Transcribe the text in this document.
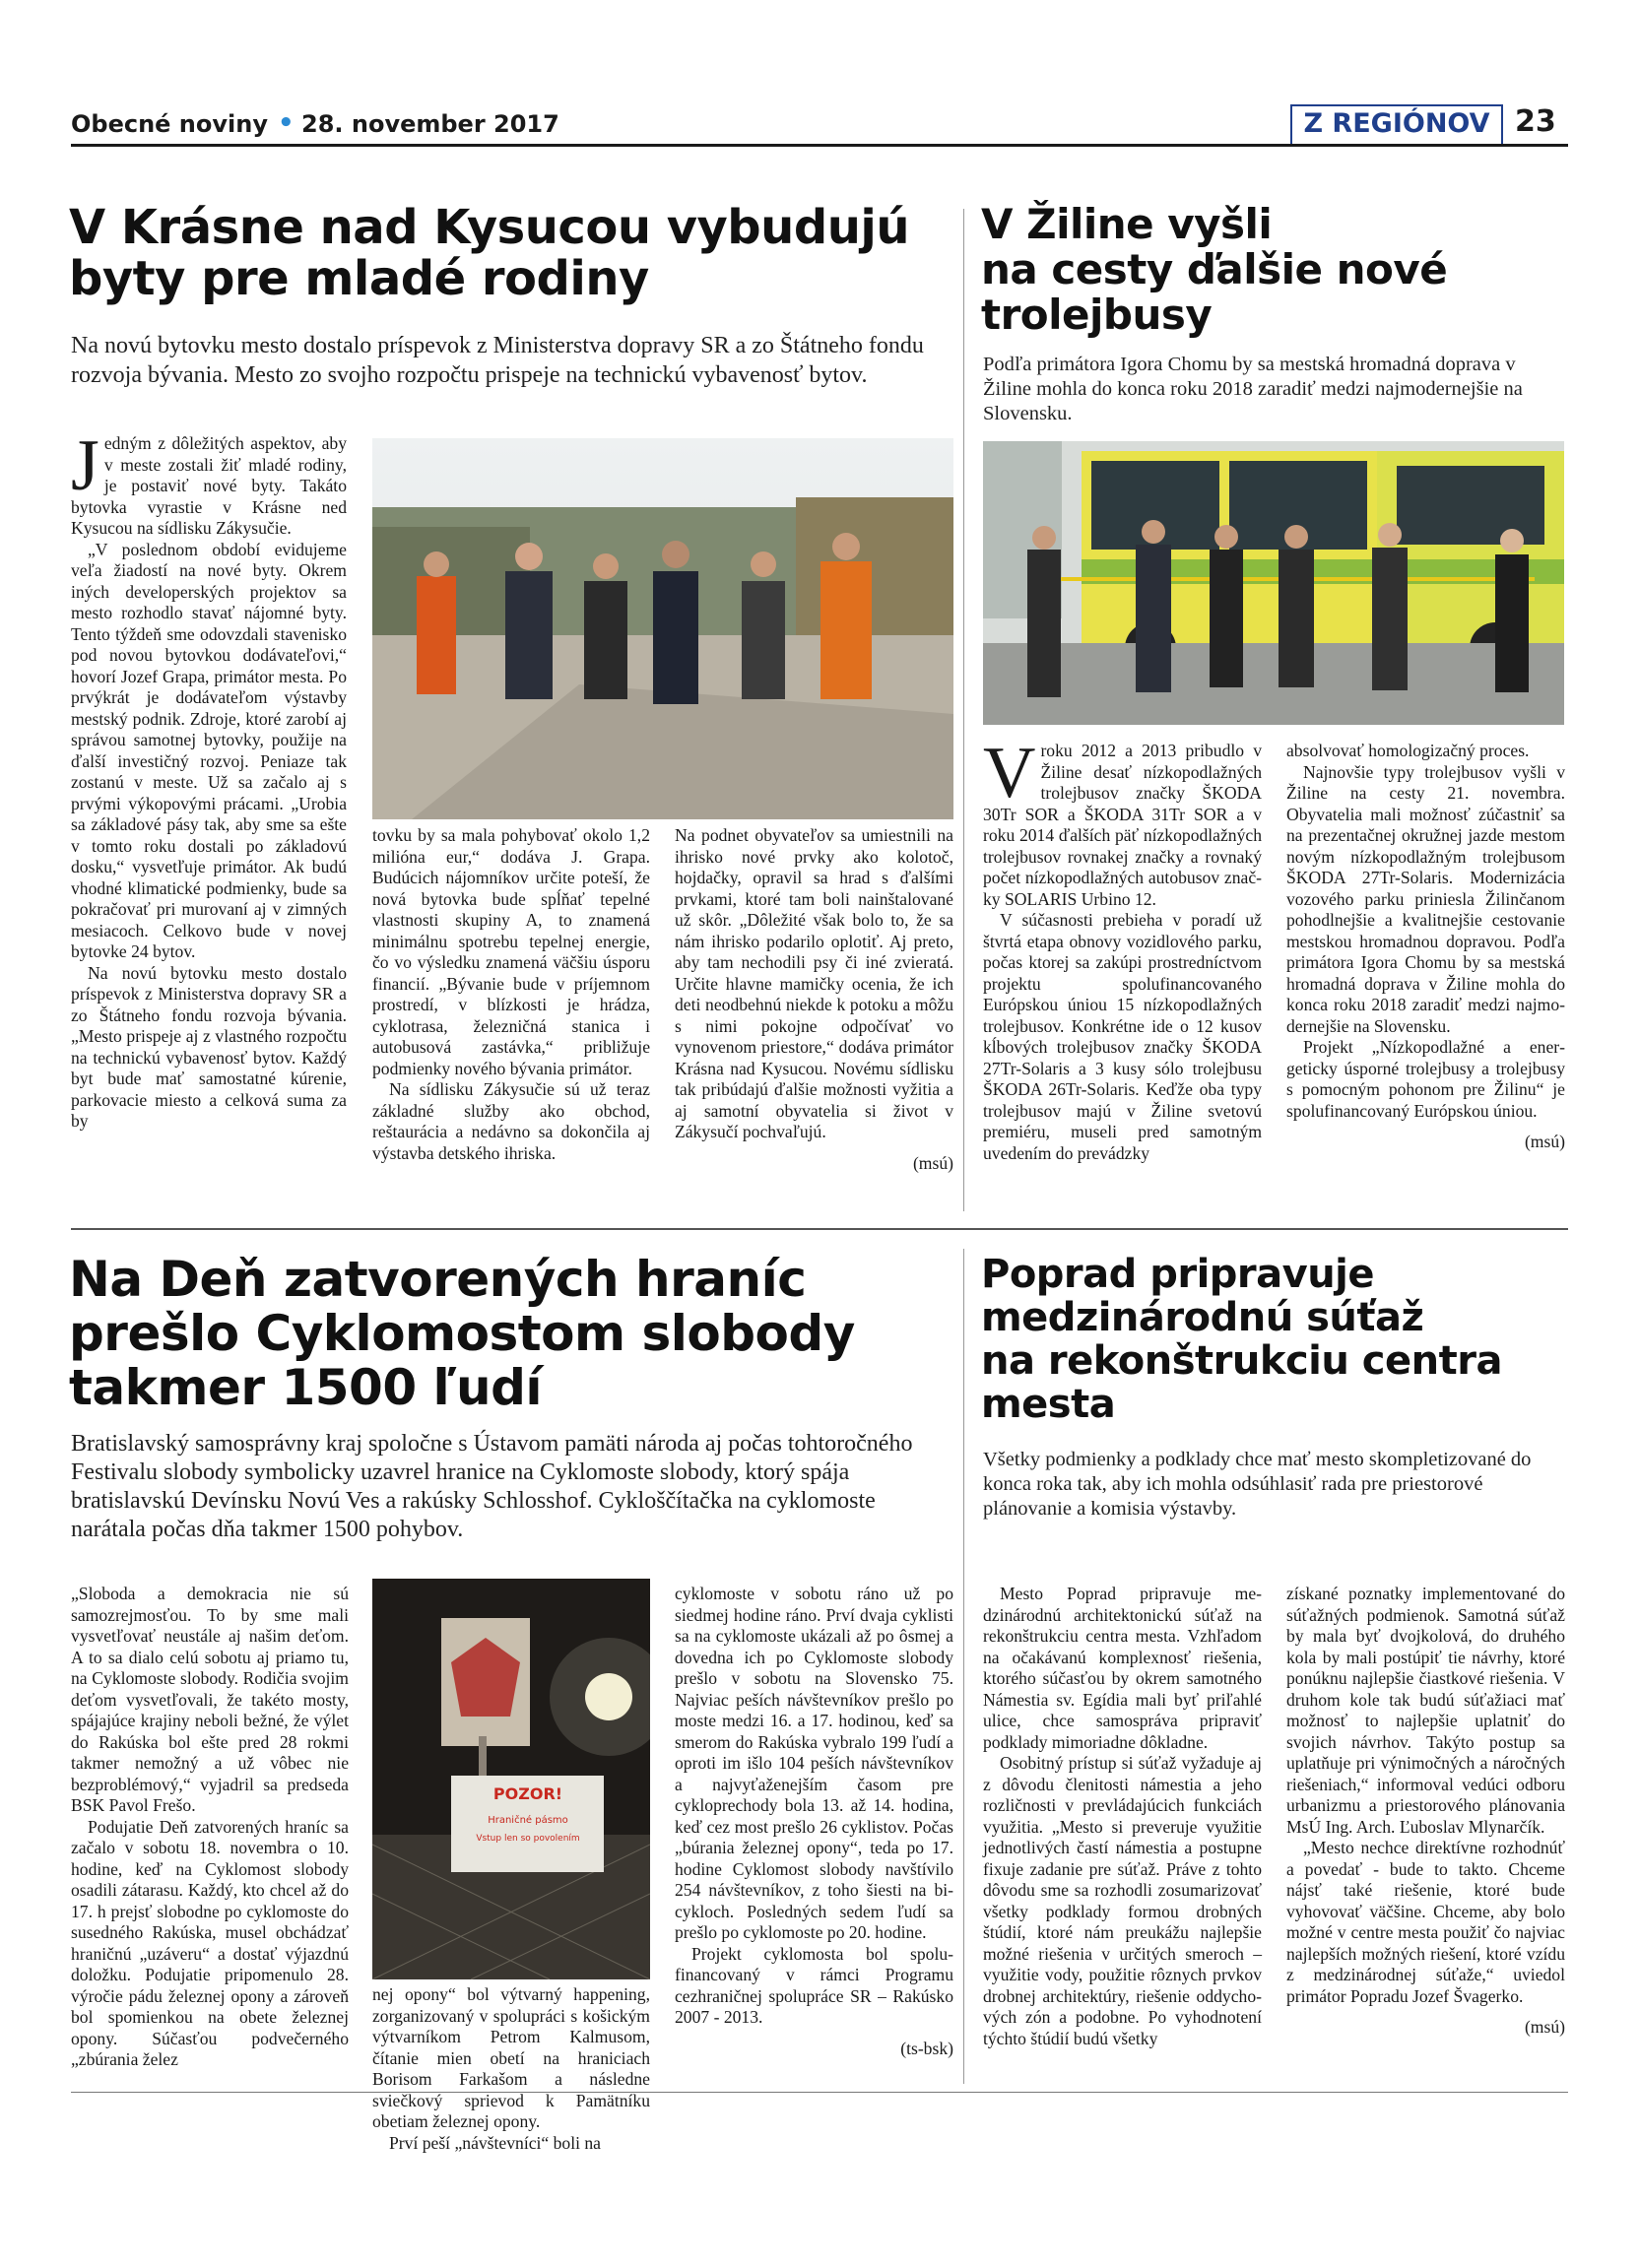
Obecné noviny • 28. november 2017	Z REGIÓNOV 23
V Krásne nad Kysucou vybudujú
byty pre mladé rodiny
Na novú bytovku mesto dostalo príspevok z Ministerstva dopravy SR a zo Štátneho fondu rozvoja bývania. Mesto zo svojho rozpočtu prispeje na technickú vybavenosť bytov.

Jedným z dôležitých aspektov, aby v meste zostali žiť mladé rodiny, je postaviť nové byty. Takáto bytovka vyrastie v Krásne ned Kysucou na sídlisku Zákysučie.

„V poslednom období evidujeme veľa žiadostí na nové byty. Okrem iných developerských projektov sa mesto rozhodlo stavať nájomné byty. Tento týždeň sme odovzdali stavenisko pod novou bytovkou dodávateľovi,“ hovorí Jozef Grapa, primátor mesta. Po prvýkrát je dodávateľom výstavby mestský podnik. Zdroje, ktoré zarobí aj správou samotnej bytovky, použije na ďalší investičný rozvoj. Peniaze tak zostanú v meste. Už sa začalo aj s prvými výkopovými prácami. „Urobia sa základové pásy tak, aby sme sa ešte v tomto roku dostali po základovú dosku,“ vysvetľuje primátor. Ak budú vhodné klimatické podmienky, bude sa pokračovať pri murovaní aj v zimných mesiacoch. Celkovo bude v novej bytovke 24 bytov.

Na novú bytovku mesto dostalo príspevok z Ministerstva dopravy SR a zo Štátneho fondu rozvoja bývania. „Mesto prispeje aj z vlastného rozpočtu na technickú vybavenosť bytov. Každý byt bude mať samostatné kúrenie, parkovacie miesto a celková suma za by

tovku by sa mala pohybovať okolo 1,2 milióna eur,“ dodáva J. Grapa. Budúcich nájomníkov určite poteší, že nová bytovka bude spĺňať tepelné vlastnosti skupiny A, to znamená minimálnu spotrebu tepelnej energie, čo vo výsledku znamená väčšiu úsporu financií. „Bývanie bude v príjemnom prostredí, v blízkosti je hrádza, cyklotrasa, železničná stanica i autobusová zastávka,“ približuje podmienky nového bývania primátor.

Na sídlisku Zákysučie sú už teraz základné služby ako obchod, reštaurácia a nedávno sa dokončila aj výstavba detského ihriska.

Na podnet obyvateľov sa umiestnili na ihrisko nové prvky ako kolotoč, hojdačky, opravil sa hrad s ďalšími prvkami, ktoré tam boli nainštalované už skôr. „Dôležité však bolo to, že sa nám ihrisko podarilo oplotiť. Aj preto, aby tam nechodili psy či iné zvieratá. Určite hlavne mamičky ocenia, že ich deti neodbehnú niekde k potoku a môžu s nimi pokojne odpočívať vo vynovenom priestore,“ dodáva primátor Krásna nad Kysucou. Novému sídlisku tak pribúdajú ďalšie možnosti vyžitia a aj samotní obyvatelia si život v Zákysučí pochvaľujú.

(msú)

V Žiline vyšli
na cesty ďalšie nové
trolejbusy
Podľa primátora Igora Chomu by sa mestská hromadná doprava v Žiline mohla do konca roku 2018 zaradiť medzi najmodernejšie na Slovensku.

Vroku 2012 a 2013 pribudlo v Žiline desať nízkopodlažných trolejbusov značky ŠKODA 30Tr SOR a ŠKODA 31Tr SOR a v roku 2014 ďalších päť nízkopodlažných trolejbusov rovnakej značky a rovnaký počet nízkopodlažných autobusov značky SOLARIS Urbino 12.

V súčasnosti prebieha v poradí už štvrtá etapa obnovy vozidlového parku, počas ktorej sa zakúpi prostredníctvom projektu spolufinancovaného Európskou úniou 15 nízkopodlažných trolejbusov. Konkrétne ide o 12 kusov kĺbových trolejbusov značky ŠKODA 27Tr-Solaris a 3 kusy sólo trolejbusu ŠKODA 26Tr-Solaris. Keďže oba typy trolejbusov majú v Žiline svetovú premiéru, museli pred samotným uvedením do prevádzky

absolvovať homologizačný proces.

Najnovšie typy trolejbusov vyšli v Žiline na cesty 21. novembra. Obyvatelia mali možnosť zúčastniť sa na prezentačnej okružnej jazde mestom novým nízkopodlažným trolejbusom ŠKODA 27Tr-Solaris. Modernizácia vozového parku priniesla Žilinčanom pohodlnejšie a kvalitnejšie cestovanie mestskou hromadnou dopravou. Podľa primátora Igora Chomu by sa mestská hromadná doprava v Žiline mohla do konca roku 2018 zaradiť medzi najmodernejšie na Slovensku.

Projekt „Nízkopodlažné a energeticky úsporné trolejbusy a trolejbusy s pomocným pohonom pre Žilinu“ je spolufinancovaný Európskou úniou.

(msú)

Na Deň zatvorených hraníc
prešlo Cyklomostom slobody
takmer 1500 ľudí
Bratislavský samosprávny kraj spoločne s Ústavom pamäti národa aj počas tohtoročného Festivalu slobody symbolicky uzavrel hranice na Cyklomoste slobody, ktorý spája bratislavskú Devínsku Novú Ves a rakúsky Schlosshof. Cykloščítačka na cyklomoste narátala počas dňa takmer 1500 pohybov.

„Sloboda a demokracia nie sú samozrejmosťou. To by sme mali vysvetľovať neustále aj našim deťom. A to sa dialo celú sobotu aj priamo tu, na Cyklomoste slobody. Rodičia svojim deťom vysvetľovali, že takéto mosty, spájajúce krajiny neboli bežné, že výlet do Rakúska bol ešte pred 28 rokmi takmer nemožný a už vôbec nie bezproblémový,“ vyjadril sa predseda BSK Pavol Frešo.

Podujatie Deň zatvorených hraníc sa začalo v sobotu 18. novembra o 10. hodine, keď na Cyklomost slobody osadili zátarasu. Každý, kto chcel až do 17. h prejsť slobodne po cyklomoste do susedného Rakúska, musel obchádzať hraničnú „uzáveru“ a dostať výjazdnú doložku. Podujatie pripomenulo 28. výročie pádu železnej opony a zároveň bol spomienkou na obete železnej opony. Súčasťou podvečerného „zbúrania želez

POZOR!
Hraničné pásmo
Vstup len so povolením

nej opony“ bol výtvarný happening, zorganizovaný v spolupráci s košickým výtvarníkom Petrom Kalmusom, čítanie mien obetí na hraniciach Borisom Farkašom a následne sviečkový sprievod k Pamätníku obetiam železnej opony.

Prví peší „návštevníci“ boli na

cyklomoste v sobotu ráno už po siedmej hodine ráno. Prví dvaja cyklisti sa na cyklomoste ukázali až po ôsmej a dovedna ich po Cyklomoste slobody prešlo v sobotu na Slovensko 75. Najviac peších návštevníkov prešlo po moste medzi 16. a 17. hodinou, keď sa smerom do Rakúska vybralo 199 ľudí a oproti im išlo 104 peších návštevníkov a najvyťaženejším časom pre cykloprechody bola 13. až 14. hodina, keď cez most prešlo 26 cyklistov. Počas „búrania železnej opony“, teda po 17. hodine Cyklomost slobody navštívilo 254 návštevníkov, z toho šiesti na bicykloch. Posledných sedem ľudí sa prešlo po cyklomoste po 20. hodine.

Projekt cyklomosta bol spolufinancovaný v rámci Programu cezhraničnej spolupráce SR – Rakúsko 2007 - 2013.

(ts-bsk)

Poprad pripravuje
medzinárodnú súťaž
na rekonštrukciu centra
mesta
Všetky podmienky a podklady chce mať mesto skompletizované do konca roka tak, aby ich mohla odsúhlasiť rada pre priestorové plánovanie a komisia výstavby.

Mesto Poprad pripravuje medzinárodnú architektonickú súťaž na rekonštrukciu centra mesta. Vzhľadom na očakávanú komplexnosť riešenia, ktorého súčasťou by okrem samotného Námestia sv. Egídia mali byť priľahlé ulice, chce samospráva pripraviť podklady mimoriadne dôkladne.

Osobitný prístup si súťaž vyžaduje aj z dôvodu členitosti námestia a jeho rozličnosti v prevládajúcich funkciách využitia. „Mesto si preveruje využitie jednotlivých častí námestia a postupne fixuje zadanie pre súťaž. Práve z tohto dôvodu sme sa rozhodli zosumarizovať všetky podklady formou drobných štúdií, ktoré nám preukážu najlepšie možné riešenia v určitých smeroch – využitie vody, použitie rôznych prvkov drobnej architektúry, riešenie oddychových zón a podobne. Po vyhodnotení týchto štúdií budú všetky

získané poznatky implementované do súťažných podmienok. Samotná súťaž by mala byť dvojkolová, do druhého kola by mali postúpiť tie návrhy, ktoré ponúknu najlepšie čiastkové riešenia. V druhom kole tak budú súťažiaci mať možnosť to najlepšie uplatniť do svojich návrhov. Takýto postup sa uplatňuje pri výnimočných a náročných riešeniach,“ informoval vedúci odboru urbanizmu a priestorového plánovania MsÚ Ing. Arch. Ľuboslav Mlynarčík.

„Mesto nechce direktívne rozhodnúť a povedať - bude to takto. Chceme nájsť také riešenie, ktoré bude vyhovovať väčšine. Chceme, aby bolo možné v centre mesta použiť čo najviac najlepších možných riešení, ktoré vzídu z medzinárodnej súťaže,“ uviedol primátor Popradu Jozef Švagerko.

(msú)
